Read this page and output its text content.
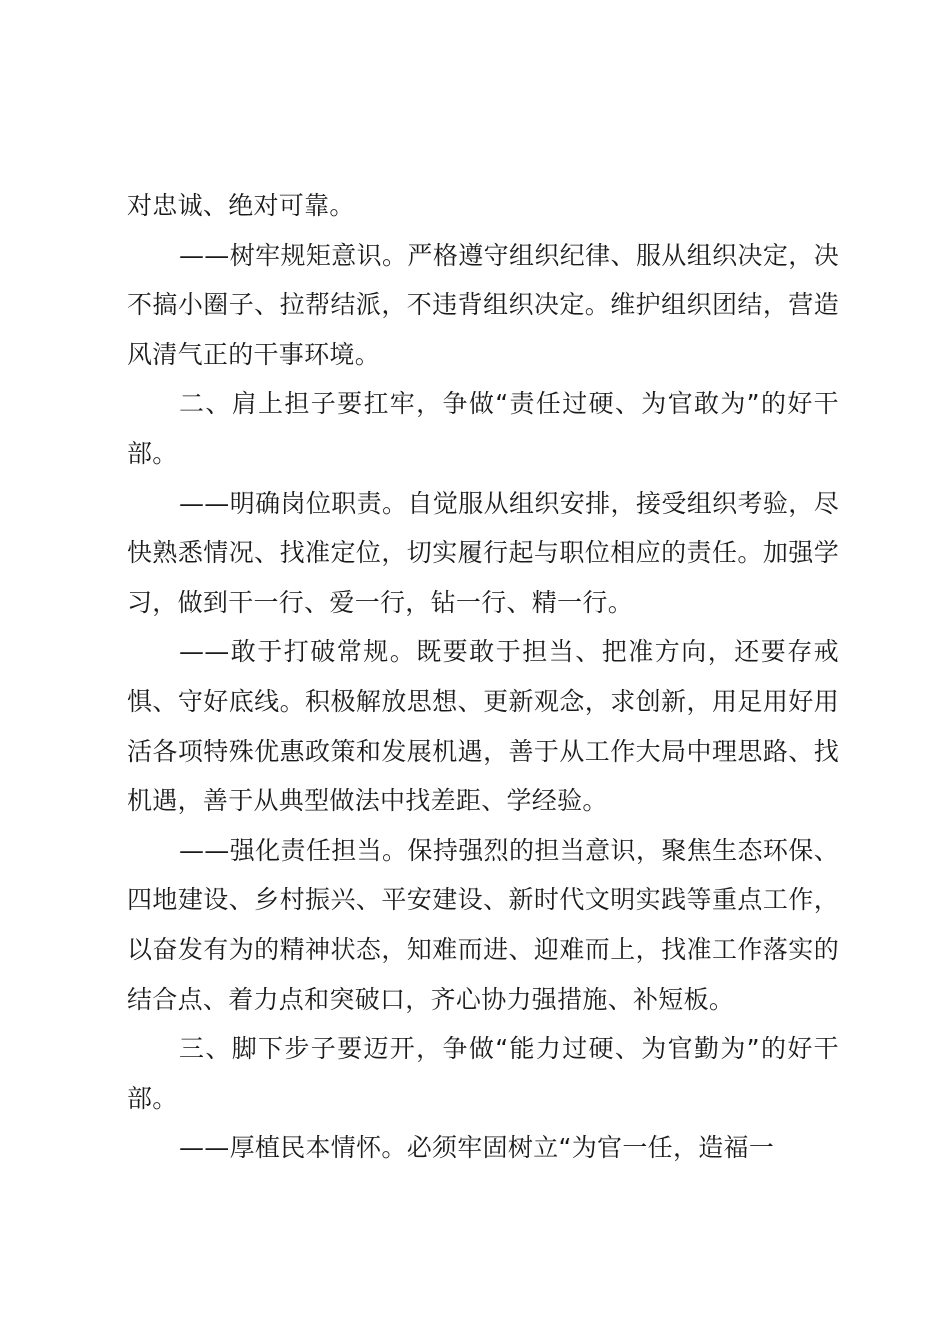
对忠诚、绝对可靠。

——树牢规矩意识。严格遵守组织纪律、服从组织决定，决不搞小圈子、拉帮结派，不违背组织决定。维护组织团结，营造风清气正的干事环境。

二、肩上担子要扛牢，争做“责任过硬、为官敢为”的好干部。

——明确岗位职责。自觉服从组织安排，接受组织考验，尽快熟悉情况、找准定位，切实履行起与职位相应的责任。加强学习，做到干一行、爱一行，钻一行、精一行。

——敢于打破常规。既要敢于担当、把准方向，还要存戒惧、守好底线。积极解放思想、更新观念，求创新，用足用好用活各项特殊优惠政策和发展机遇，善于从工作大局中理思路、找机遇，善于从典型做法中找差距、学经验。

——强化责任担当。保持强烈的担当意识，聚焦生态环保、四地建设、乡村振兴、平安建设、新时代文明实践等重点工作，以奋发有为的精神状态，知难而进、迎难而上，找准工作落实的结合点、着力点和突破口，齐心协力强措施、补短板。

三、脚下步子要迈开，争做“能力过硬、为官勤为”的好干部。

——厚植民本情怀。必须牢固树立“为官一任，造福一
